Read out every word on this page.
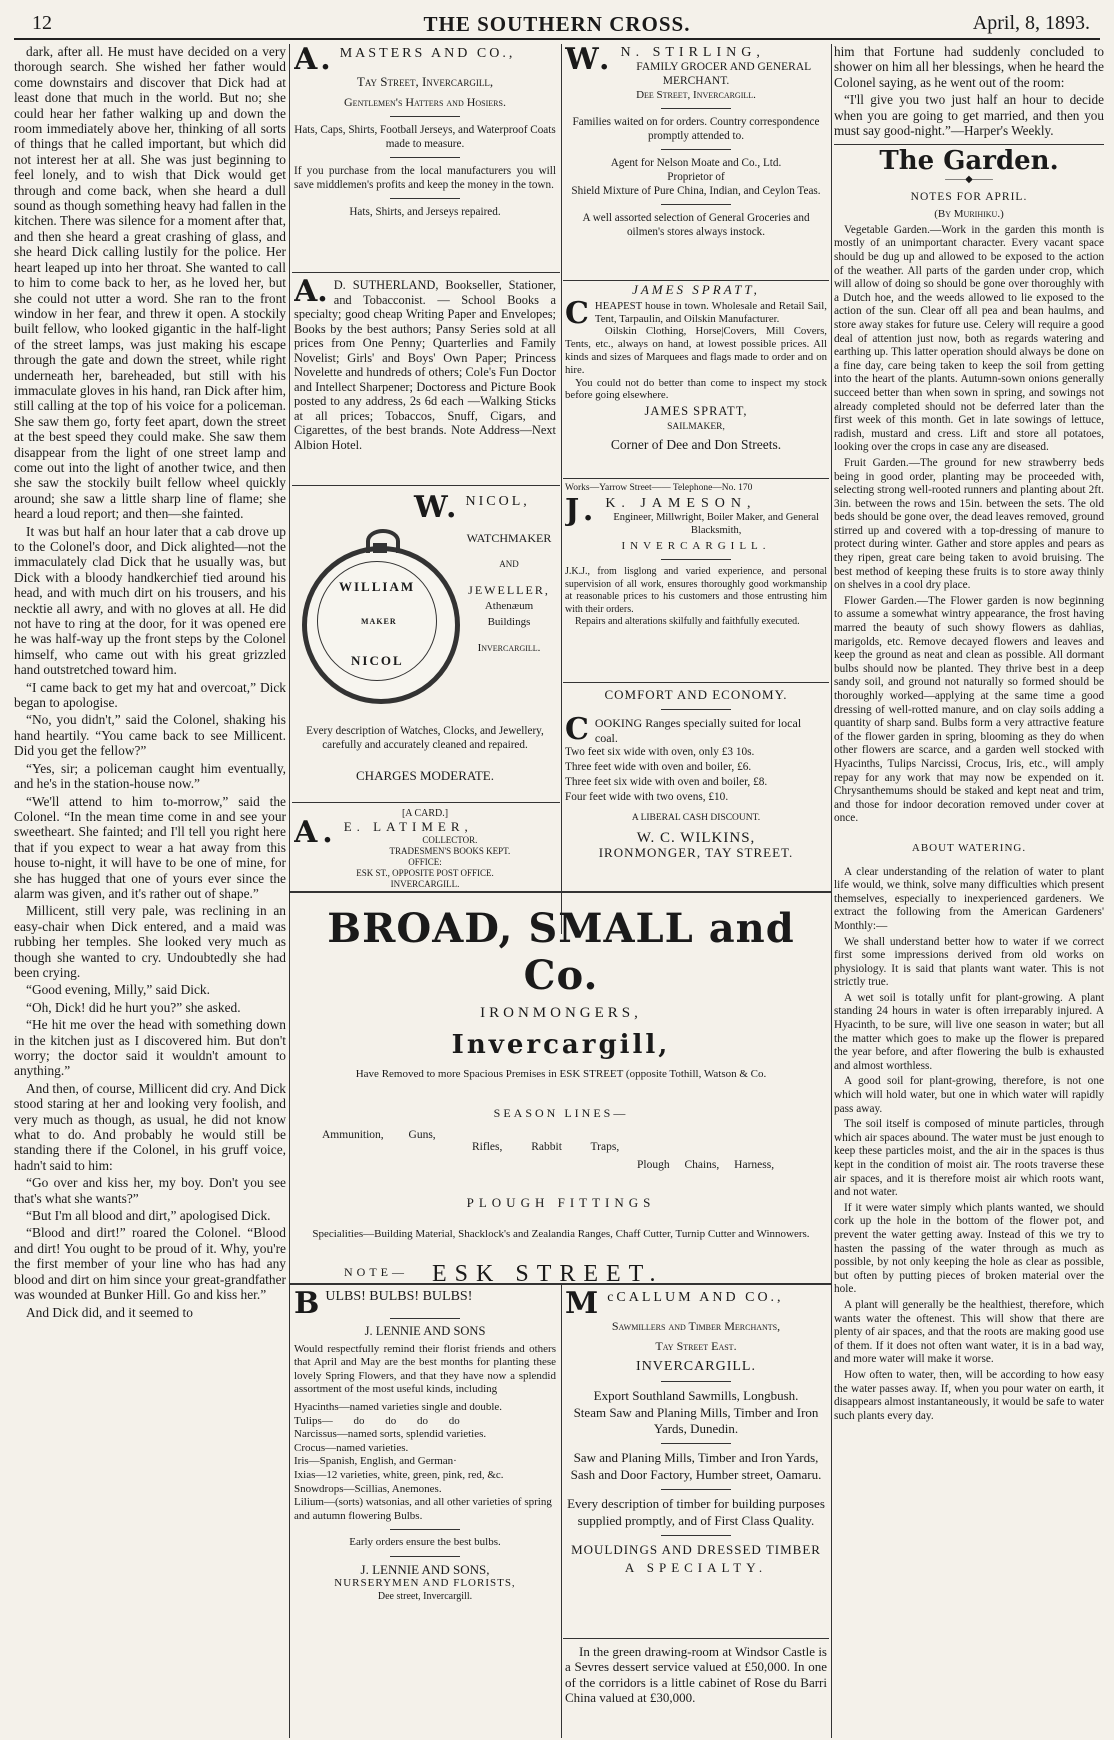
12	THE SOUTHERN CROSS.	April, 8, 1893.

dark, after all. He must have decided on a very thorough search. She wished her father would come downstairs and discover that Dick had at least done that much in the world. But no; she could hear her father walking up and down the room immediately above her, thinking of all sorts of things that he called important, but which did not interest her at all. She was just beginning to feel lonely, and to wish that Dick would get through and come back, when she heard a dull sound as though something heavy had fallen in the kitchen. There was silence for a moment after that, and then she heard a great crashing of glass, and she heard Dick calling lustily for the police. Her heart leaped up into her throat. She wanted to call to him to come back to her, as he loved her, but she could not utter a word. She ran to the front window in her fear, and threw it open. A stockily built fellow, who looked gigantic in the half-light of the street lamps, was just making his escape through the gate and down the street, while right underneath her, bareheaded, but still with his immaculate gloves in his hand, ran Dick after him, still calling at the top of his voice for a policeman. She saw them go, forty feet apart, down the street at the best speed they could make. She saw them disappear from the light of one street lamp and come out into the light of another twice, and then she saw the stockily built fellow wheel quickly around; she saw a little sharp line of flame; she heard a loud report; and then—she fainted.

It was but half an hour later that a cab drove up to the Colonel's door, and Dick alighted—not the immaculately clad Dick that he usually was, but Dick with a bloody handkerchief tied around his head, and with much dirt on his trousers, and his necktie all awry, and with no gloves at all. He did not have to ring at the door, for it was opened ere he was half-way up the front steps by the Colonel himself, who came out with his great grizzled hand outstretched toward him.

“I came back to get my hat and overcoat,” Dick began to apologise.

“No, you didn't,” said the Colonel, shaking his hand heartily. “You came back to see Millicent. Did you get the fellow?”

“Yes, sir; a policeman caught him eventually, and he's in the station-house now.”

“We'll attend to him to-morrow,” said the Colonel. “In the mean time come in and see your sweetheart. She fainted; and I'll tell you right here that if you expect to wear a hat away from this house to-night, it will have to be one of mine, for she has hugged that one of yours ever since the alarm was given, and it's rather out of shape.”

Millicent, still very pale, was reclining in an easy-chair when Dick entered, and a maid was rubbing her temples. She looked very much as though she wanted to cry. Undoubtedly she had been crying.

“Good evening, Milly,” said Dick.

“Oh, Dick! did he hurt you?” she asked.

“He hit me over the head with something down in the kitchen just as I discovered him. But don't worry; the doctor said it wouldn't amount to anything.”

And then, of course, Millicent did cry. And Dick stood staring at her and looking very foolish, and very much as though, as usual, he did not know what to do. And probably he would still be standing there if the Colonel, in his gruff voice, hadn't said to him:

“Go over and kiss her, my boy. Don't you see that's what she wants?”

“But I'm all blood and dirt,” apologised Dick.

“Blood and dirt!” roared the Colonel. “Blood and dirt! You ought to be proud of it. Why, you're the first member of your line who has had any blood and dirt on him since your great-grandfather was wounded at Bunker Hill. Go and kiss her.”

And Dick did, and it seemed to

A. MASTERS AND CO.,
Tay Street, Invercargill,
Gentlemen's Hatters and Hosiers.
Hats, Caps, Shirts, Football Jerseys, and Waterproof Coats made to measure.
If you purchase from the local manufacturers you will save middlemen's profits and keep the money in the town.
Hats, Shirts, and Jerseys repaired.
A. D. SUTHERLAND, Bookseller, Stationer, and Tobacconist. — School Books a specialty; good cheap Writing Paper and Envelopes; Books by the best authors; Pansy Series sold at all prices from One Penny; Quarterlies and Family Novelist; Girls' and Boys' Own Paper; Princess Novelette and hundreds of others; Cole's Fun Doctor and Intellect Sharpener; Doctoress and Picture Book posted to any address, 2s 6d each —Walking Sticks at all prices; Tobaccos, Snuff, Cigars, and Cigarettes, of the best brands. Note Address—Next Albion Hotel.
W. NICOL,
WATCHMAKER
AND
JEWELLER,
Athenæum Buildings
Invercargill.
WILLIAM
MAKER
NICOL
Every description of Watches, Clocks, and Jewellery, carefully and accurately cleaned and repaired.
CHARGES MODERATE.
[A CARD.]
A. E. LATIMER,
COLLECTOR.
TRADESMEN'S BOOKS KEPT.
OFFICE:
ESK ST., OPPOSITE POST OFFICE.
INVERCARGILL.
W. N. STIRLING,
FAMILY GROCER AND GENERAL MERCHANT.
Dee Street, Invercargill.
Families waited on for orders. Country correspondence promptly attended to.
Agent for Nelson Moate and Co., Ltd.
Proprietor of
Shield Mixture of Pure China, Indian, and Ceylon Teas.
A well assorted selection of General Groceries and oilmen's stores always instock.
JAMES SPRATT,
CHEAPEST house in town. Wholesale and Retail Sail, Tent, Tarpaulin, and Oilskin Manufacturer.
Oilskin Clothing, Horse|Covers, Mill Covers, Tents, etc., always on hand, at lowest possible prices. All kinds and sizes of Marquees and flags made to order and on hire.
You could not do better than come to inspect my stock before going elsewhere.
JAMES SPRATT,
SAILMAKER,
Corner of Dee and Don Streets.
Works—Yarrow Street—— Telephone—No. 170
J. K. JAMESON,
Engineer, Millwright, Boiler Maker, and General Blacksmith,
INVERCARGILL.
J.K.J., from lisglong and varied experience, and personal supervision of all work, ensures thoroughly good workmanship at reasonable prices to his customers and those entrusting him with their orders.
Repairs and alterations skilfully and faithfully executed.
COMFORT AND ECONOMY.
COOKING Ranges specially suited for local coal.
Two feet six wide with oven, only £3 10s.
Three feet wide with oven and boiler, £6.
Three feet six wide with oven and boiler, £8.
Four feet wide with two ovens, £10.
A LIBERAL CASH DISCOUNT.
W. C. WILKINS,
IRONMONGER, TAY STREET.
BROAD, SMALL and Co.
IRONMONGERS,
Invercargill,
Have Removed to more Spacious Premises in ESK STREET (opposite Tothill, Watson & Co.
SEASON LINES—
Ammunition, Guns,
Rifles, Rabbit Traps,
Plough Chains, Harness,
PLOUGH FITTINGS
Specialities—Building Material, Shacklock's and Zealandia Ranges, Chaff Cutter, Turnip Cutter and Winnowers.
NOTE— ESK STREET.
BULBS! BULBS! BULBS!
J. LENNIE AND SONS
Would respectfully remind their florist friends and others that April and May are the best months for planting these lovely Spring Flowers, and that they have now a splendid assortment of the most useful kinds, including
Hyacinths—named varieties single and double.
Tulips— do do do do
Narcissus—named sorts, splendid varieties.
Crocus—named varieties.
Iris—Spanish, English, and German·
Ixias—12 varieties, white, green, pink, red, &c.
Snowdrops—Scillias, Anemones.
Lilium—(sorts) watsonias, and all other varieties of spring and autumn flowering Bulbs.
Early orders ensure the best bulbs.
J. LENNIE AND SONS,
NURSERYMEN AND FLORISTS,
Dee street, Invercargill.
McCALLUM AND CO.,
Sawmillers and Timber Merchants,
Tay Street East.
INVERCARGILL.
Export Southland Sawmills, Longbush.
Steam Saw and Planing Mills, Timber and Iron Yards, Dunedin.
Saw and Planing Mills, Timber and Iron Yards, Sash and Door Factory, Humber street, Oamaru.
Every description of timber for building purposes supplied promptly, and of First Class Quality.
MOULDINGS AND DRESSED TIMBER
A SPECIALTY.
In the green drawing-room at Windsor Castle is a Sevres dessert service valued at £50,000. In one of the corridors is a little cabinet of Rose du Barri China valued at £30,000.

him that Fortune had suddenly concluded to shower on him all her blessings, when he heard the Colonel saying, as he went out of the room:

“I'll give you two just half an hour to decide when you are going to get married, and then you must say good-night.”—Harper's Weekly.

The Garden.
——◆——
NOTES FOR APRIL.
(By Murihiku.)

Vegetable Garden.—Work in the garden this month is mostly of an unimportant character. Every vacant space should be dug up and allowed to be exposed to the action of the weather. All parts of the garden under crop, which will allow of doing so should be gone over thoroughly with a Dutch hoe, and the weeds allowed to lie exposed to the action of the sun. Clear off all pea and bean haulms, and store away stakes for future use. Celery will require a good deal of attention just now, both as regards watering and earthing up. This latter operation should always be done on a fine day, care being taken to keep the soil from getting into the heart of the plants. Autumn-sown onions generally succeed better than when sown in spring, and sowings not already completed should not be deferred later than the first week of this month. Get in late sowings of lettuce, radish, mustard and cress. Lift and store all potatoes, looking over the crops in case any are diseased.

Fruit Garden.—The ground for new strawberry beds being in good order, planting may be proceeded with, selecting strong well-rooted runners and planting about 2ft. 3in. between the rows and 15in. between the sets. The old beds should be gone over, the dead leaves removed, ground stirred up and covered with a top-dressing of manure to protect during winter. Gather and store apples and pears as they ripen, great care being taken to avoid bruising. The best method of keeping these fruits is to store away thinly on shelves in a cool dry place.

Flower Garden.—The Flower garden is now beginning to assume a somewhat wintry appearance, the frost having marred the beauty of such showy flowers as dahlias, marigolds, etc. Remove decayed flowers and leaves and keep the ground as neat and clean as possible. All dormant bulbs should now be planted. They thrive best in a deep sandy soil, and ground not naturally so formed should be thoroughly worked—applying at the same time a good dressing of well-rotted manure, and on clay soils adding a quantity of sharp sand. Bulbs form a very attractive feature of the flower garden in spring, blooming as they do when other flowers are scarce, and a garden well stocked with Hyacinths, Tulips Narcissi, Crocus, Iris, etc., will amply repay for any work that may now be expended on it. Chrysanthemums should be staked and kept neat and trim, and those for indoor decoration removed under cover at once.

ABOUT WATERING.

A clear understanding of the relation of water to plant life would, we think, solve many difficulties which present themselves, especially to inexperienced gardeners. We extract the following from the American Gardeners' Monthly:—

We shall understand better how to water if we correct first some impressions derived from old works on physiology. It is said that plants want water. This is not strictly true.

A wet soil is totally unfit for plant-growing. A plant standing 24 hours in water is often irreparably injured. A Hyacinth, to be sure, will live one season in water; but all the matter which goes to make up the flower is prepared the year before, and after flowering the bulb is exhausted and almost worthless.

A good soil for plant-growing, therefore, is not one which will hold water, but one in which water will rapidly pass away.

The soil itself is composed of minute particles, through which air spaces abound. The water must be just enough to keep these particles moist, and the air in the spaces is thus kept in the condition of moist air. The roots traverse these air spaces, and it is therefore moist air which roots want, and not water.

If it were water simply which plants wanted, we should cork up the hole in the bottom of the flower pot, and prevent the water getting away. Instead of this we try to hasten the passing of the water through as much as possible, by not only keeping the hole as clear as possible, but often by putting pieces of broken material over the hole.

A plant will generally be the healthiest, therefore, which wants water the oftenest. This will show that there are plenty of air spaces, and that the roots are making good use of them. If it does not often want water, it is in a bad way, and more water will make it worse.

How often to water, then, will be according to how easy the water passes away. If, when you pour water on earth, it disappears almost instantaneously, it would be safe to water such plants every day.
